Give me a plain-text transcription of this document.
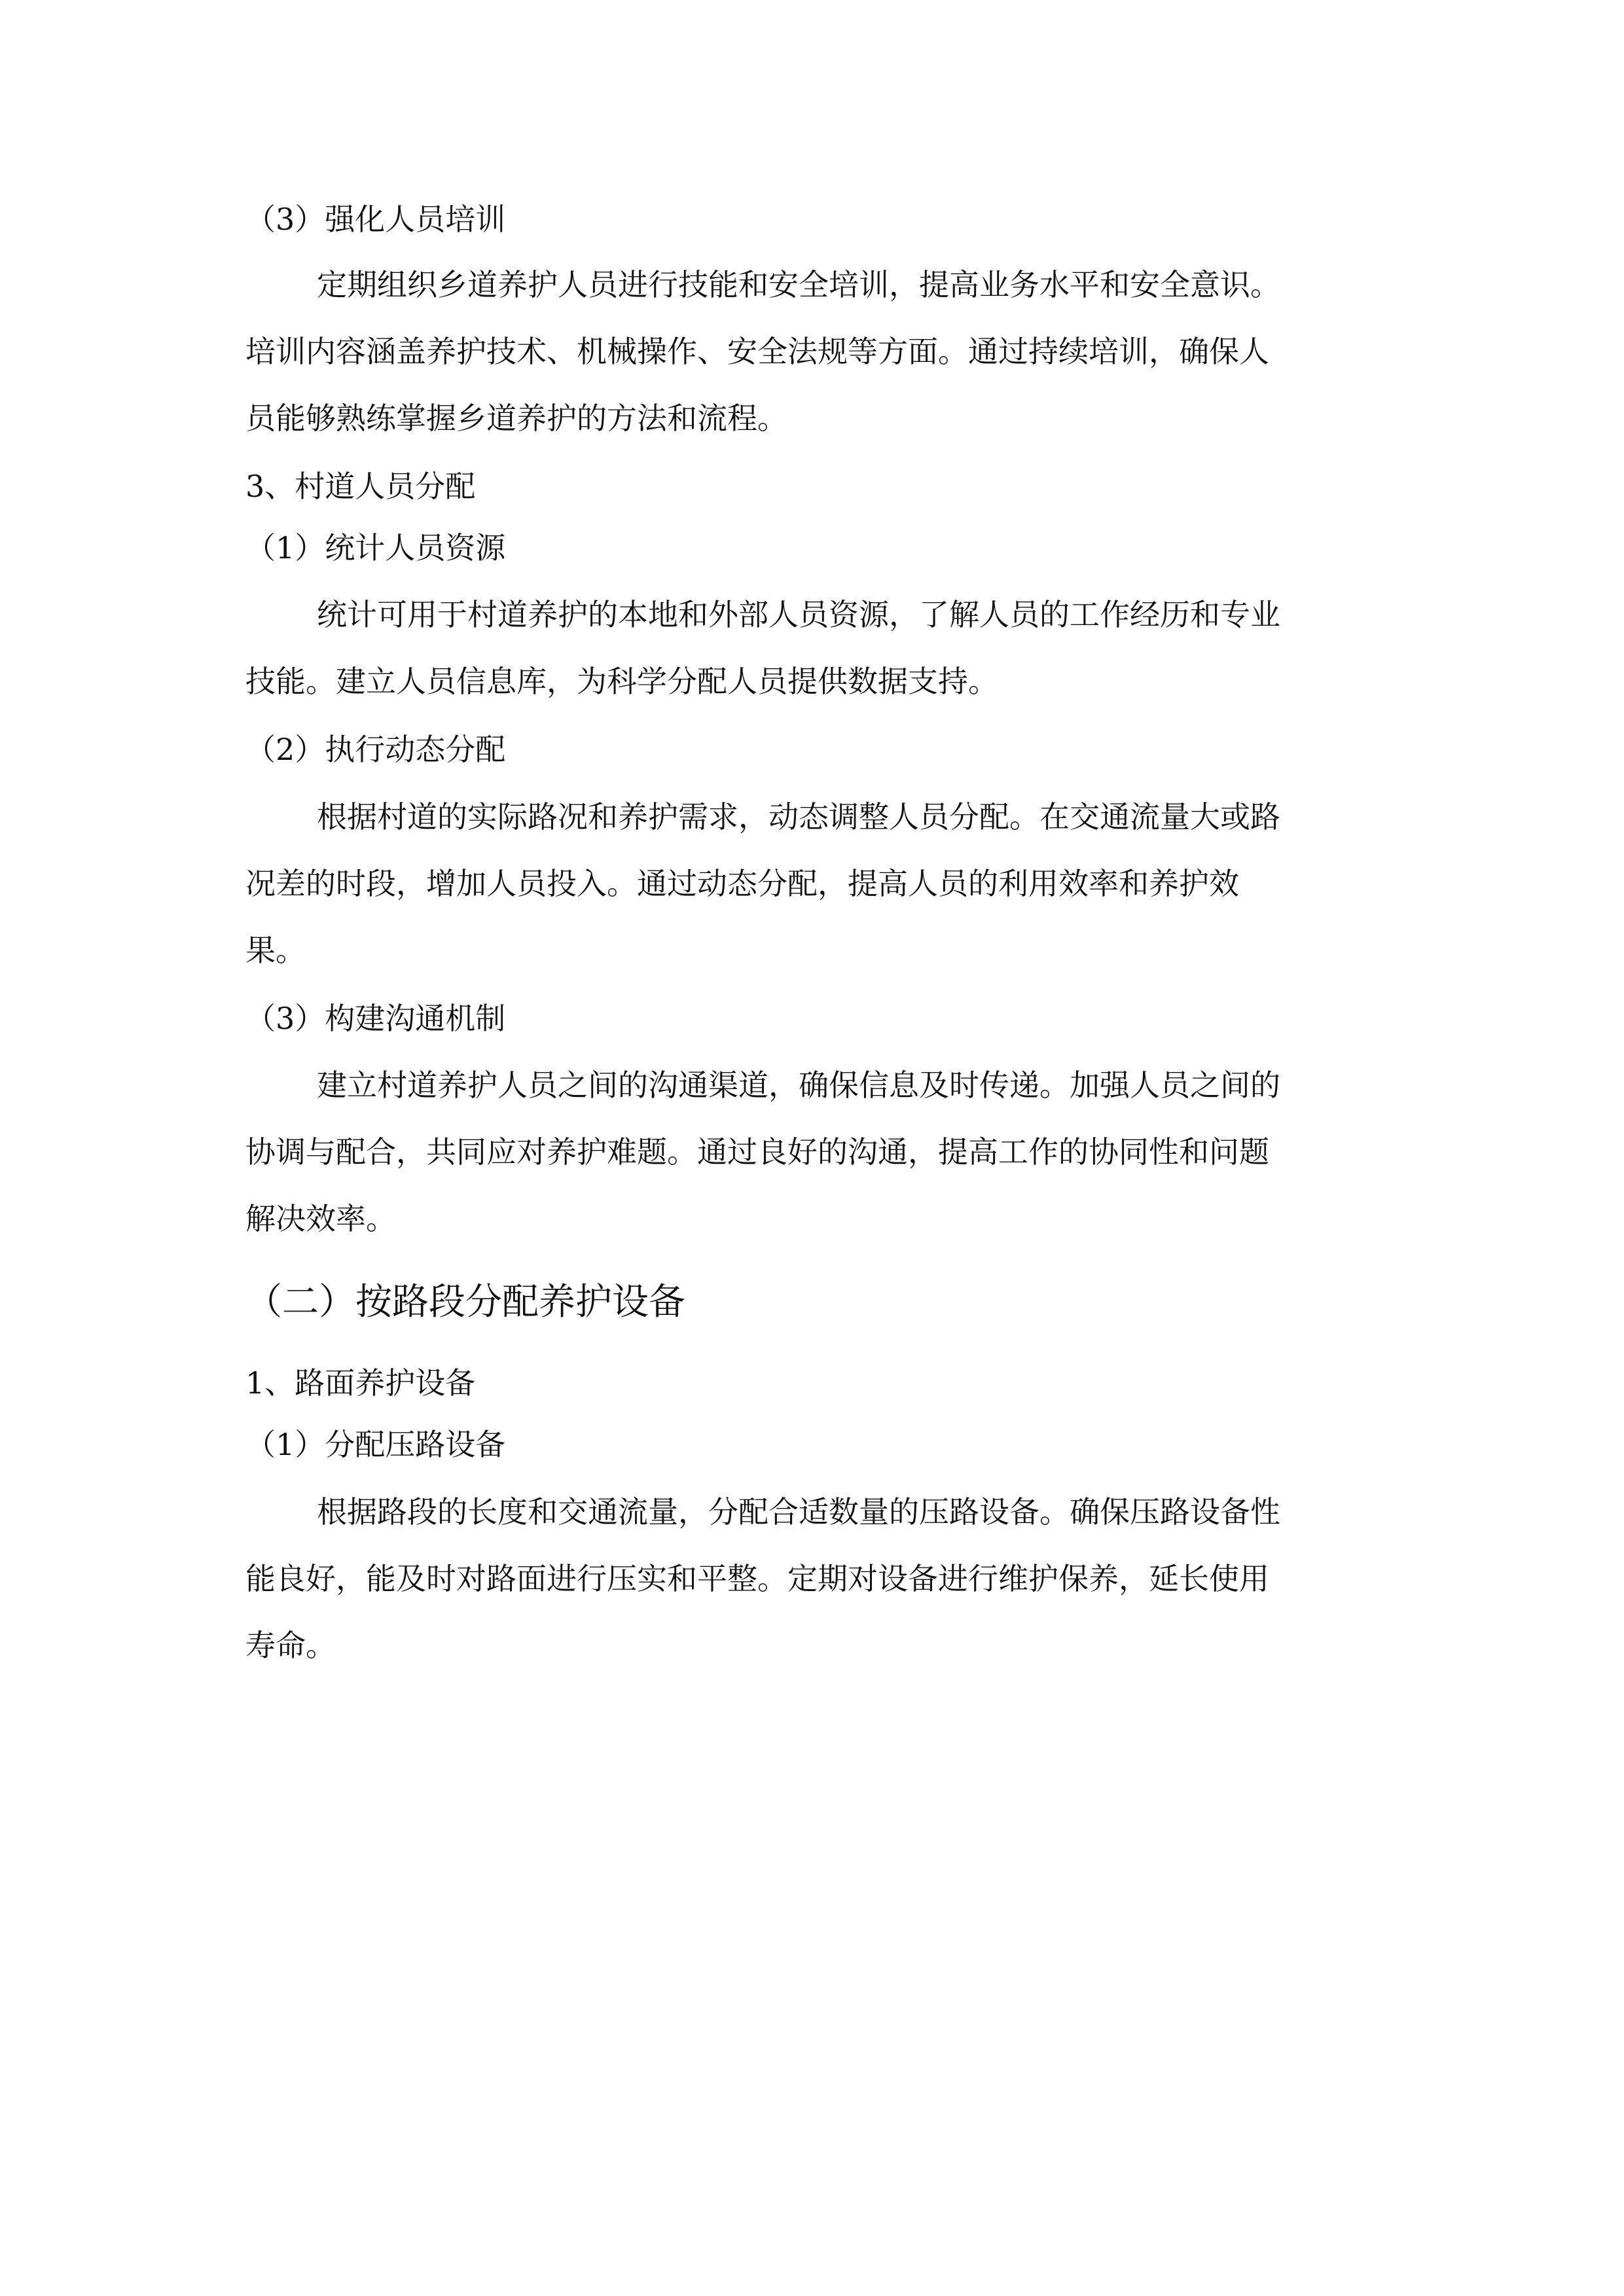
（3）强化人员培训
定期组织乡道养护人员进行技能和安全培训，提高业务水平和安全意识。
培训内容涵盖养护技术、机械操作、安全法规等方面。通过持续培训，确保人
员能够熟练掌握乡道养护的方法和流程。
3、村道人员分配
（1）统计人员资源
统计可用于村道养护的本地和外部人员资源，了解人员的工作经历和专业
技能。建立人员信息库，为科学分配人员提供数据支持。
（2）执行动态分配
根据村道的实际路况和养护需求，动态调整人员分配。在交通流量大或路
况差的时段，增加人员投入。通过动态分配，提高人员的利用效率和养护效
果。
（3）构建沟通机制
建立村道养护人员之间的沟通渠道，确保信息及时传递。加强人员之间的
协调与配合，共同应对养护难题。通过良好的沟通，提高工作的协同性和问题
解决效率。
（二）按路段分配养护设备
1、路面养护设备
（1）分配压路设备
根据路段的长度和交通流量，分配合适数量的压路设备。确保压路设备性
能良好，能及时对路面进行压实和平整。定期对设备进行维护保养，延长使用
寿命。
